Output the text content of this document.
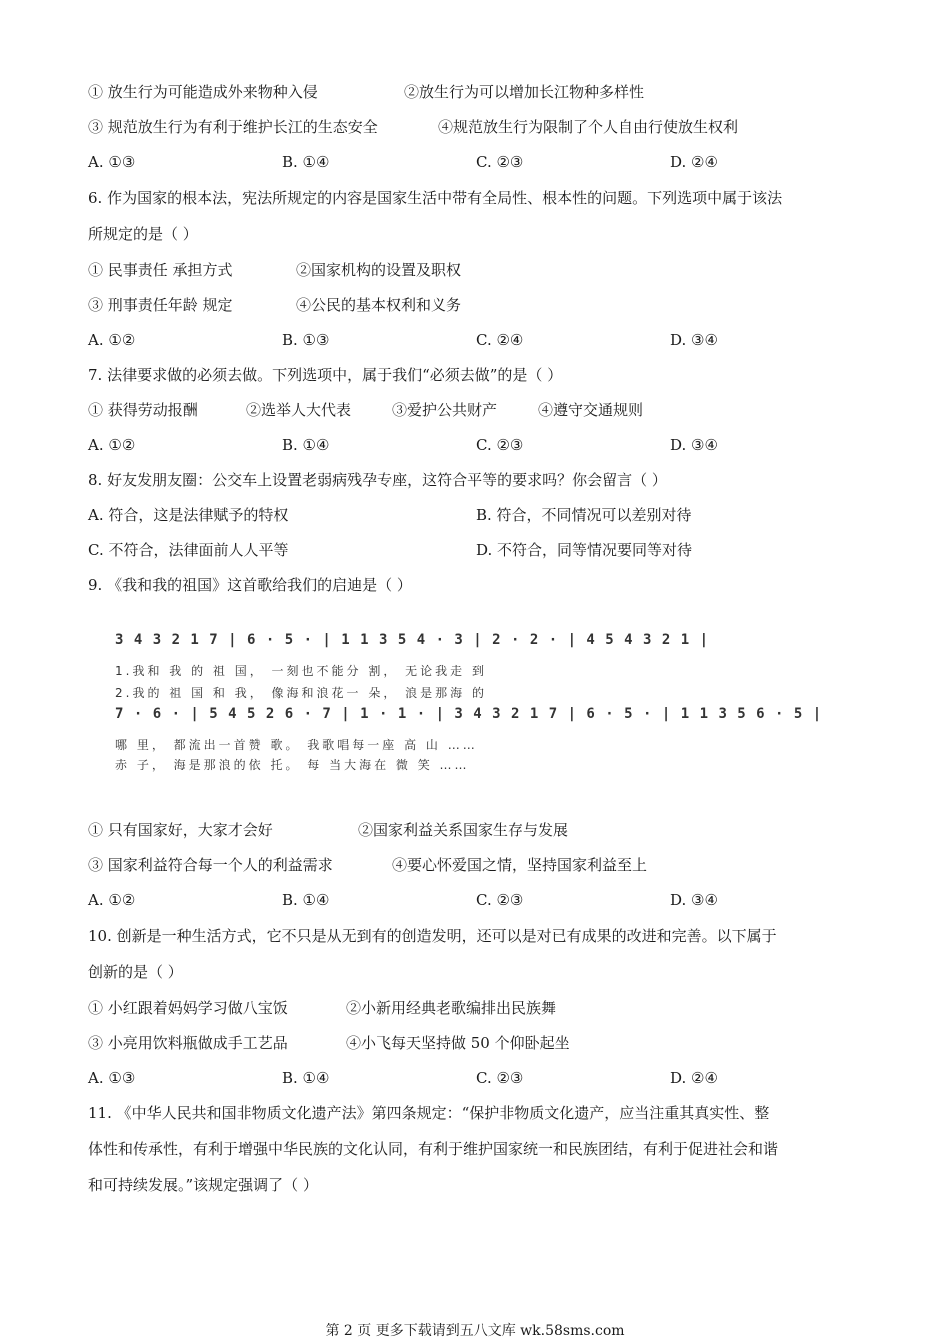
① 放生行为可能造成外来物种入侵	②放生行为可以增加长江物种多样性
③ 规范放生行为有利于维护长江的生态安全	④规范放生行为限制了个人自由行使放生权利
A. ①③	B. ①④	C. ②③	D. ②④
6. 作为国家的根本法，宪法所规定的内容是国家生活中带有全局性、根本性的问题。下列选项中属于该法
所规定的是（ ）
① 民事责任 承担方式	②国家机构的设置及职权
③ 刑事责任年龄 规定	④公民的基本权利和义务
A. ①②	B. ①③	C. ②④	D. ③④
7. 法律要求做的必须去做。下列选项中，属于我们“必须去做”的是（ ）
① 获得劳动报酬	②选举人大代表	③爱护公共财产	④遵守交通规则
A. ①②	B. ①④	C. ②③	D. ③④
8. 好友发朋友圈：公交车上设置老弱病残孕专座，这符合平等的要求吗？你会留言（ ）
A. 符合，这是法律赋予的特权	B. 符合，不同情况可以差别对待
C. 不符合，法律面前人人平等	D. 不符合，同等情况要同等对待
9. 《我和我的祖国》这首歌给我们的启迪是（ ）
3 4 3 2 1 7 | 6 · 5 · | 1 1 3 5 4 · 3 | 2 · 2 · | 4 5 4 3 2 1 |
1.我和 我 的 祖 国， 一刻也不能分 割， 无论我走 到
2.我的 祖 国 和 我， 像海和浪花一 朵， 浪是那海 的
7 · 6 · | 5 4 5 2 6 · 7 | 1 · 1 · | 3 4 3 2 1 7 | 6 · 5 · | 1 1 3 5 6 · 5 |
哪 里， 都流出一首赞 歌。 我歌唱每一座 高 山 ……
赤 子， 海是那浪的依 托。 每 当大海在 微 笑 ……
① 只有国家好，大家才会好	②国家利益关系国家生存与发展
③ 国家利益符合每一个人的利益需求	④要心怀爱国之情，坚持国家利益至上
A. ①②	B. ①④	C. ②③	D. ③④
10. 创新是一种生活方式，它不只是从无到有的创造发明，还可以是对已有成果的改进和完善。以下属于
创新的是（ ）
① 小红跟着妈妈学习做八宝饭	②小新用经典老歌编排出民族舞
③ 小亮用饮料瓶做成手工艺品	④小飞每天坚持做 50 个仰卧起坐
A. ①③	B. ①④	C. ②③	D. ②④
11. 《中华人民共和国非物质文化遗产法》第四条规定：“保护非物质文化遗产，应当注重其真实性、整
体性和传承性，有利于增强中华民族的文化认同，有利于维护国家统一和民族团结，有利于促进社会和谐
和可持续发展。”该规定强调了（ ）
第 2 页 更多下载请到五八文库 wk.58sms.com
